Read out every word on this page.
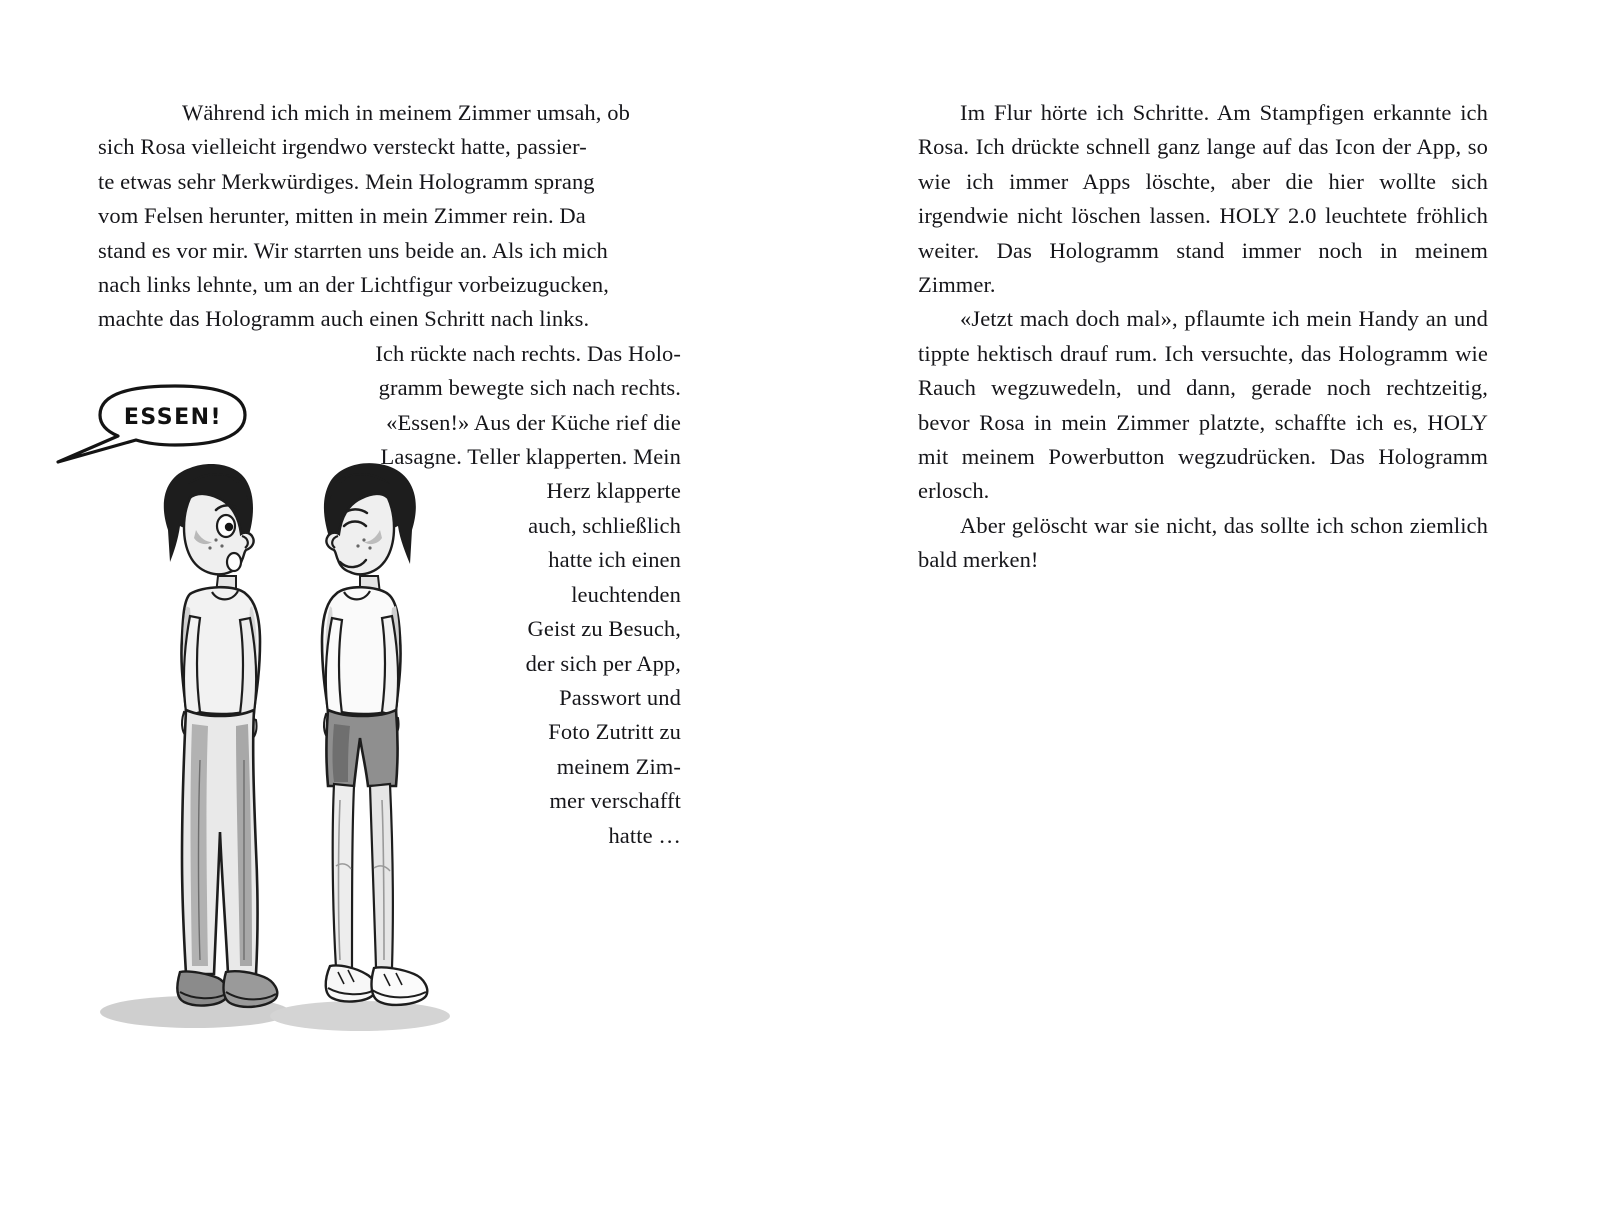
Während ich mich in meinem Zimmer umsah, ob
sich Rosa vielleicht irgendwo versteckt hatte, passier-
te etwas sehr Merkwürdiges. Mein Hologramm sprang
vom Felsen herunter, mitten in mein Zimmer rein. Da
stand es vor mir. Wir starrten uns beide an. Als ich mich
nach links lehnte, um an der Lichtfigur vorbeizugucken,
machte das Hologramm auch einen Schritt nach links.

Ich rückte nach rechts. Das Holo-
gramm bewegte sich nach rechts.
«Essen!» Aus der Küche rief die
Lasagne. Teller klapperten. Mein
Herz klapperte
auch, schließlich
hatte ich einen
leuchtenden
Geist zu Besuch,
der sich per App,
Passwort und
Foto Zutritt zu
meinem Zim-
mer verschafft
hatte …

Im Flur hörte ich Schritte. Am Stampfigen erkannte ich Rosa. Ich drückte schnell ganz lange auf das Icon der App, so wie ich immer Apps löschte, aber die hier wollte sich irgendwie nicht löschen lassen. HOLY 2.0 leuchtete fröhlich weiter. Das Hologramm stand immer noch in meinem Zimmer.

«Jetzt mach doch mal», pflaumte ich mein Handy an und tippte hektisch drauf rum. Ich versuchte, das Hologramm wie Rauch wegzuwedeln, und dann, gerade noch rechtzeitig, bevor Rosa in mein Zimmer platzte, schaffte ich es, HOLY mit meinem Powerbutton wegzudrücken. Das Hologramm erlosch.

Aber gelöscht war sie nicht, das sollte ich schon ziemlich bald merken!

ESSEN!
